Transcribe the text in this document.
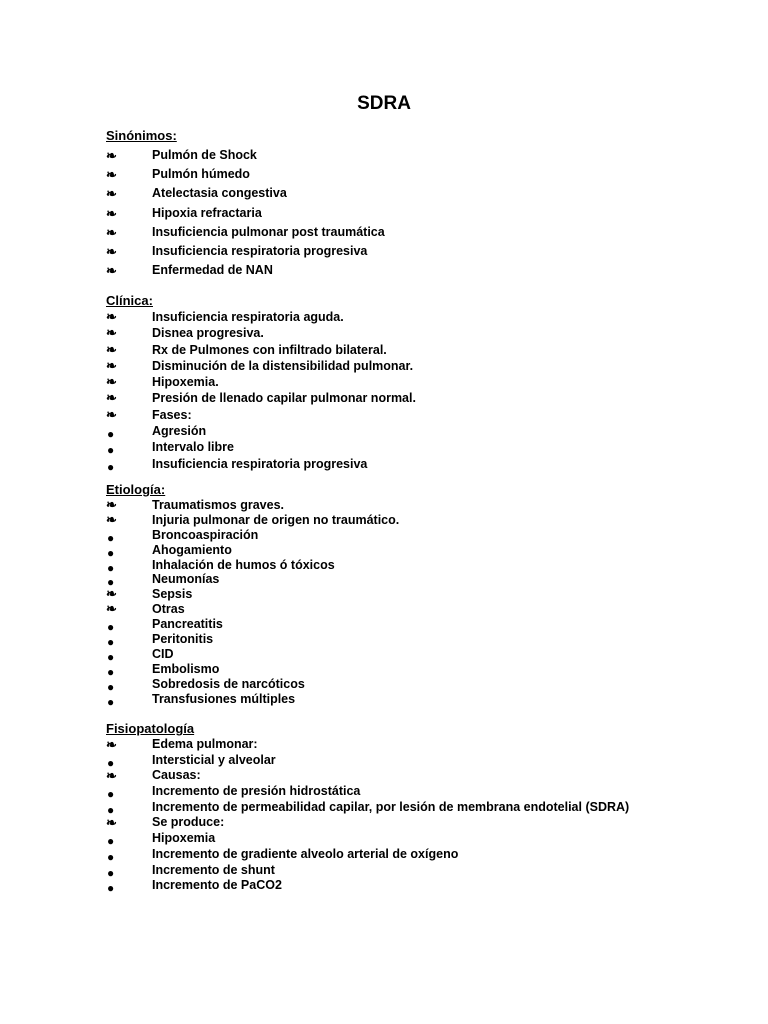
SDRA
Sinónimos:
❧	Pulmón de Shock
❧	Pulmón húmedo
❧	Atelectasia congestiva
❧	Hipoxia refractaria
❧	Insuficiencia pulmonar post traumática
❧	Insuficiencia respiratoria progresiva
❧	Enfermedad de NAN
Clínica:
❧	Insuficiencia respiratoria aguda.
❧	Disnea progresiva.
❧	Rx de Pulmones con infiltrado bilateral.
❧	Disminución de la distensibilidad pulmonar.
❧	Hipoxemia.
❧	Presión de llenado capilar pulmonar normal.
❧	Fases:
●	Agresión
●	Intervalo libre
●	Insuficiencia respiratoria progresiva
Etiología:
❧	Traumatismos graves.
❧	Injuria pulmonar de origen no traumático.
●	Broncoaspiración
●	Ahogamiento
●	Inhalación de humos ó tóxicos
●	Neumonías
❧	Sepsis
❧	Otras
●	Pancreatitis
●	Peritonitis
●	CID
●	Embolismo
●	Sobredosis de narcóticos
●	Transfusiones múltiples
Fisiopatología
❧	Edema pulmonar:
●	Intersticial y alveolar
❧	Causas:
●	Incremento de presión hidrostática
●	Incremento de permeabilidad capilar, por lesión de membrana endotelial (SDRA)
❧	Se produce:
●	Hipoxemia
●	Incremento de gradiente alveolo arterial de oxígeno
●	Incremento de shunt
●	Incremento de PaCO2
